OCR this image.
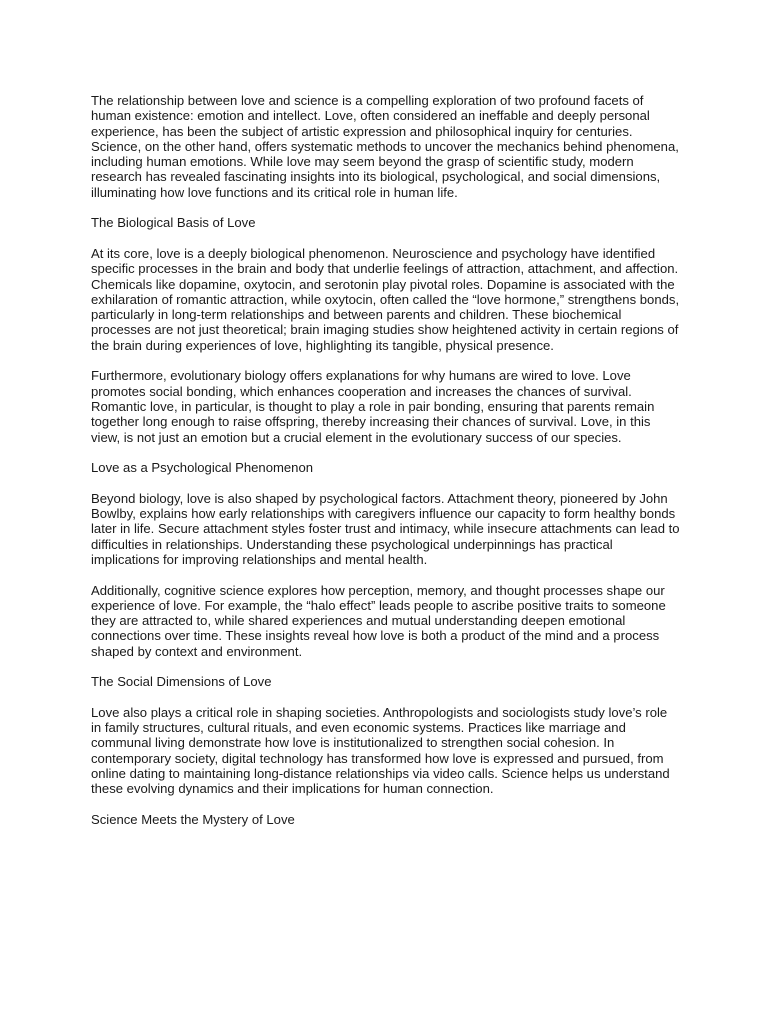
The relationship between love and science is a compelling exploration of two profound facets of human existence: emotion and intellect. Love, often considered an ineffable and deeply personal experience, has been the subject of artistic expression and philosophical inquiry for centuries. Science, on the other hand, offers systematic methods to uncover the mechanics behind phenomena, including human emotions. While love may seem beyond the grasp of scientific study, modern research has revealed fascinating insights into its biological, psychological, and social dimensions, illuminating how love functions and its critical role in human life.

The Biological Basis of Love

At its core, love is a deeply biological phenomenon. Neuroscience and psychology have identified specific processes in the brain and body that underlie feelings of attraction, attachment, and affection. Chemicals like dopamine, oxytocin, and serotonin play pivotal roles. Dopamine is associated with the exhilaration of romantic attraction, while oxytocin, often called the “love hormone,” strengthens bonds, particularly in long-term relationships and between parents and children. These biochemical processes are not just theoretical; brain imaging studies show heightened activity in certain regions of the brain during experiences of love, highlighting its tangible, physical presence.

Furthermore, evolutionary biology offers explanations for why humans are wired to love. Love promotes social bonding, which enhances cooperation and increases the chances of survival. Romantic love, in particular, is thought to play a role in pair bonding, ensuring that parents remain together long enough to raise offspring, thereby increasing their chances of survival. Love, in this view, is not just an emotion but a crucial element in the evolutionary success of our species.

Love as a Psychological Phenomenon

Beyond biology, love is also shaped by psychological factors. Attachment theory, pioneered by John Bowlby, explains how early relationships with caregivers influence our capacity to form healthy bonds later in life. Secure attachment styles foster trust and intimacy, while insecure attachments can lead to difficulties in relationships. Understanding these psychological underpinnings has practical implications for improving relationships and mental health.

Additionally, cognitive science explores how perception, memory, and thought processes shape our experience of love. For example, the “halo effect” leads people to ascribe positive traits to someone they are attracted to, while shared experiences and mutual understanding deepen emotional connections over time. These insights reveal how love is both a product of the mind and a process shaped by context and environment.

The Social Dimensions of Love

Love also plays a critical role in shaping societies. Anthropologists and sociologists study love’s role in family structures, cultural rituals, and even economic systems. Practices like marriage and communal living demonstrate how love is institutionalized to strengthen social cohesion. In contemporary society, digital technology has transformed how love is expressed and pursued, from online dating to maintaining long-distance relationships via video calls. Science helps us understand these evolving dynamics and their implications for human connection.

Science Meets the Mystery of Love
